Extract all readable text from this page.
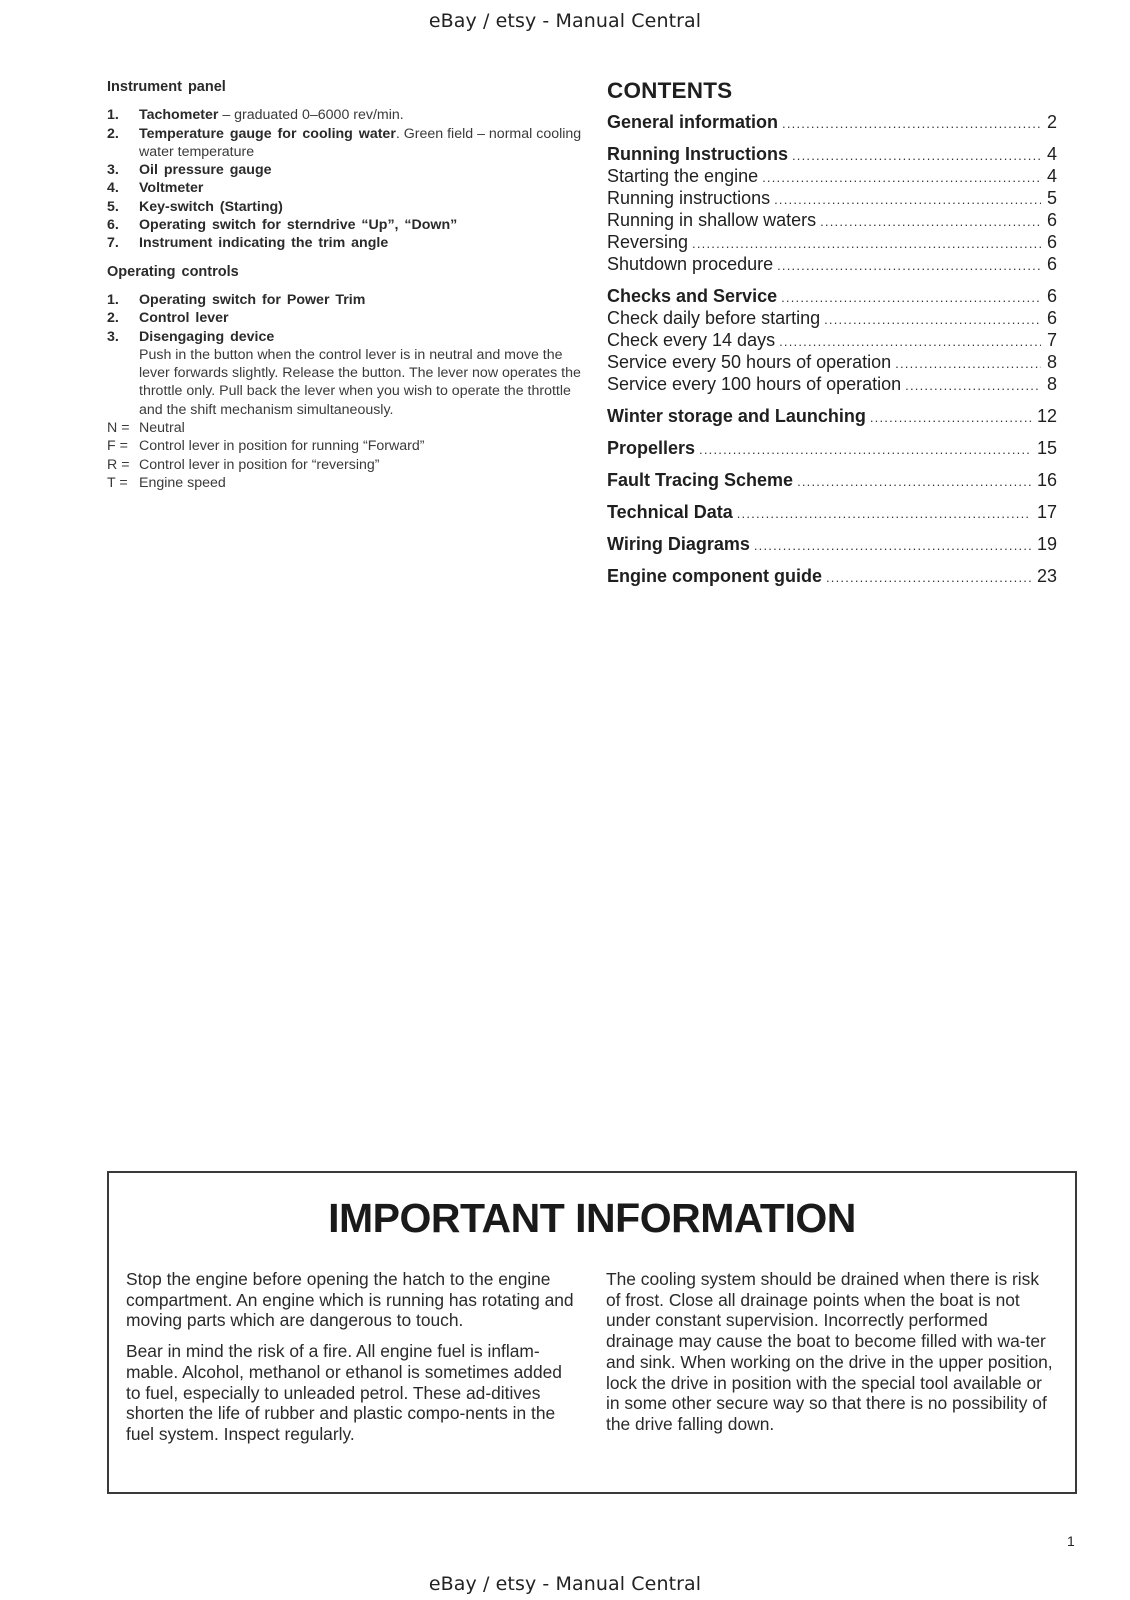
eBay / etsy - Manual Central
Instrument panel
1.	Tachometer – graduated 0–6000 rev/min.
2.	Temperature gauge for cooling water. Green field – normal cooling water temperature
3.	Oil pressure gauge
4.	Voltmeter
5.	Key-switch (Starting)
6.	Operating switch for sterndrive “Up”, “Down”
7.	Instrument indicating the trim angle
Operating controls
1.	Operating switch for Power Trim
2.	Control lever
3.	Disengaging device
Push in the button when the control lever is in neutral and move the lever forwards slightly. Release the button. The lever now operates the throttle only. Pull back the lever when you wish to operate the throttle and the shift mechanism simultaneously.
N = Neutral
F = Control lever in position for running “Forward”
R = Control lever in position for “reversing”
T = Engine speed
CONTENTS
General information .....	2
Running Instructions .....	4
Starting the engine .....	4
Running instructions .....	5
Running in shallow waters .....	6
Reversing .....	6
Shutdown procedure .....	6
Checks and Service .....	6
Check daily before starting .....	6
Check every 14 days .....	7
Service every 50 hours of operation .....	8
Service every 100 hours of operation .....	8
Winter storage and Launching .....	12
Propellers .....	15
Fault Tracing Scheme .....	16
Technical Data .....	17
Wiring Diagrams .....	19
Engine component guide .....	23
IMPORTANT INFORMATION

Stop the engine before opening the hatch to the engine compartment. An engine which is running has rotating and moving parts which are dangerous to touch.

Bear in mind the risk of a fire. All engine fuel is inflam-mable. Alcohol, methanol or ethanol is sometimes added to fuel, especially to unleaded petrol. These ad-ditives shorten the life of rubber and plastic compo-nents in the fuel system. Inspect regularly.

The cooling system should be drained when there is risk of frost. Close all drainage points when the boat is not under constant supervision. Incorrectly performed drainage may cause the boat to become filled with wa-ter and sink. When working on the drive in the upper position, lock the drive in position with the special tool available or in some other secure way so that there is no possibility of the drive falling down.

1
eBay / etsy - Manual Central
